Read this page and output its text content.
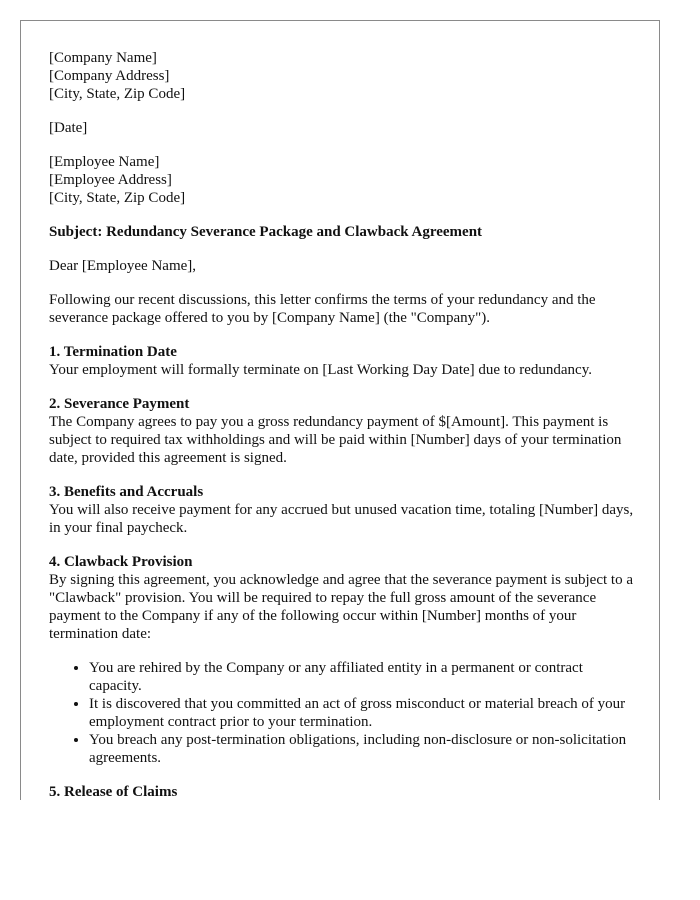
[Company Name]
[Company Address]
[City, State, Zip Code]

[Date]

[Employee Name]
[Employee Address]
[City, State, Zip Code]

Subject: Redundancy Severance Package and Clawback Agreement

Dear [Employee Name],

Following our recent discussions, this letter confirms the terms of your redundancy and the severance package offered to you by [Company Name] (the "Company").

1. Termination Date
Your employment will formally terminate on [Last Working Day Date] due to redundancy.
2. Severance Payment
The Company agrees to pay you a gross redundancy payment of $[Amount]. This payment is subject to required tax withholdings and will be paid within [Number] days of your termination date, provided this agreement is signed.
3. Benefits and Accruals
You will also receive payment for any accrued but unused vacation time, totaling [Number] days, in your final paycheck.
4. Clawback Provision
By signing this agreement, you acknowledge and agree that the severance payment is subject to a "Clawback" provision. You will be required to repay the full gross amount of the severance payment to the Company if any of the following occur within [Number] months of your termination date:
• You are rehired by the Company or any affiliated entity in a permanent or contract capacity.
• It is discovered that you committed an act of gross misconduct or material breach of your employment contract prior to your termination.
• You breach any post-termination obligations, including non-disclosure or non-solicitation agreements.
5. Release of Claims
